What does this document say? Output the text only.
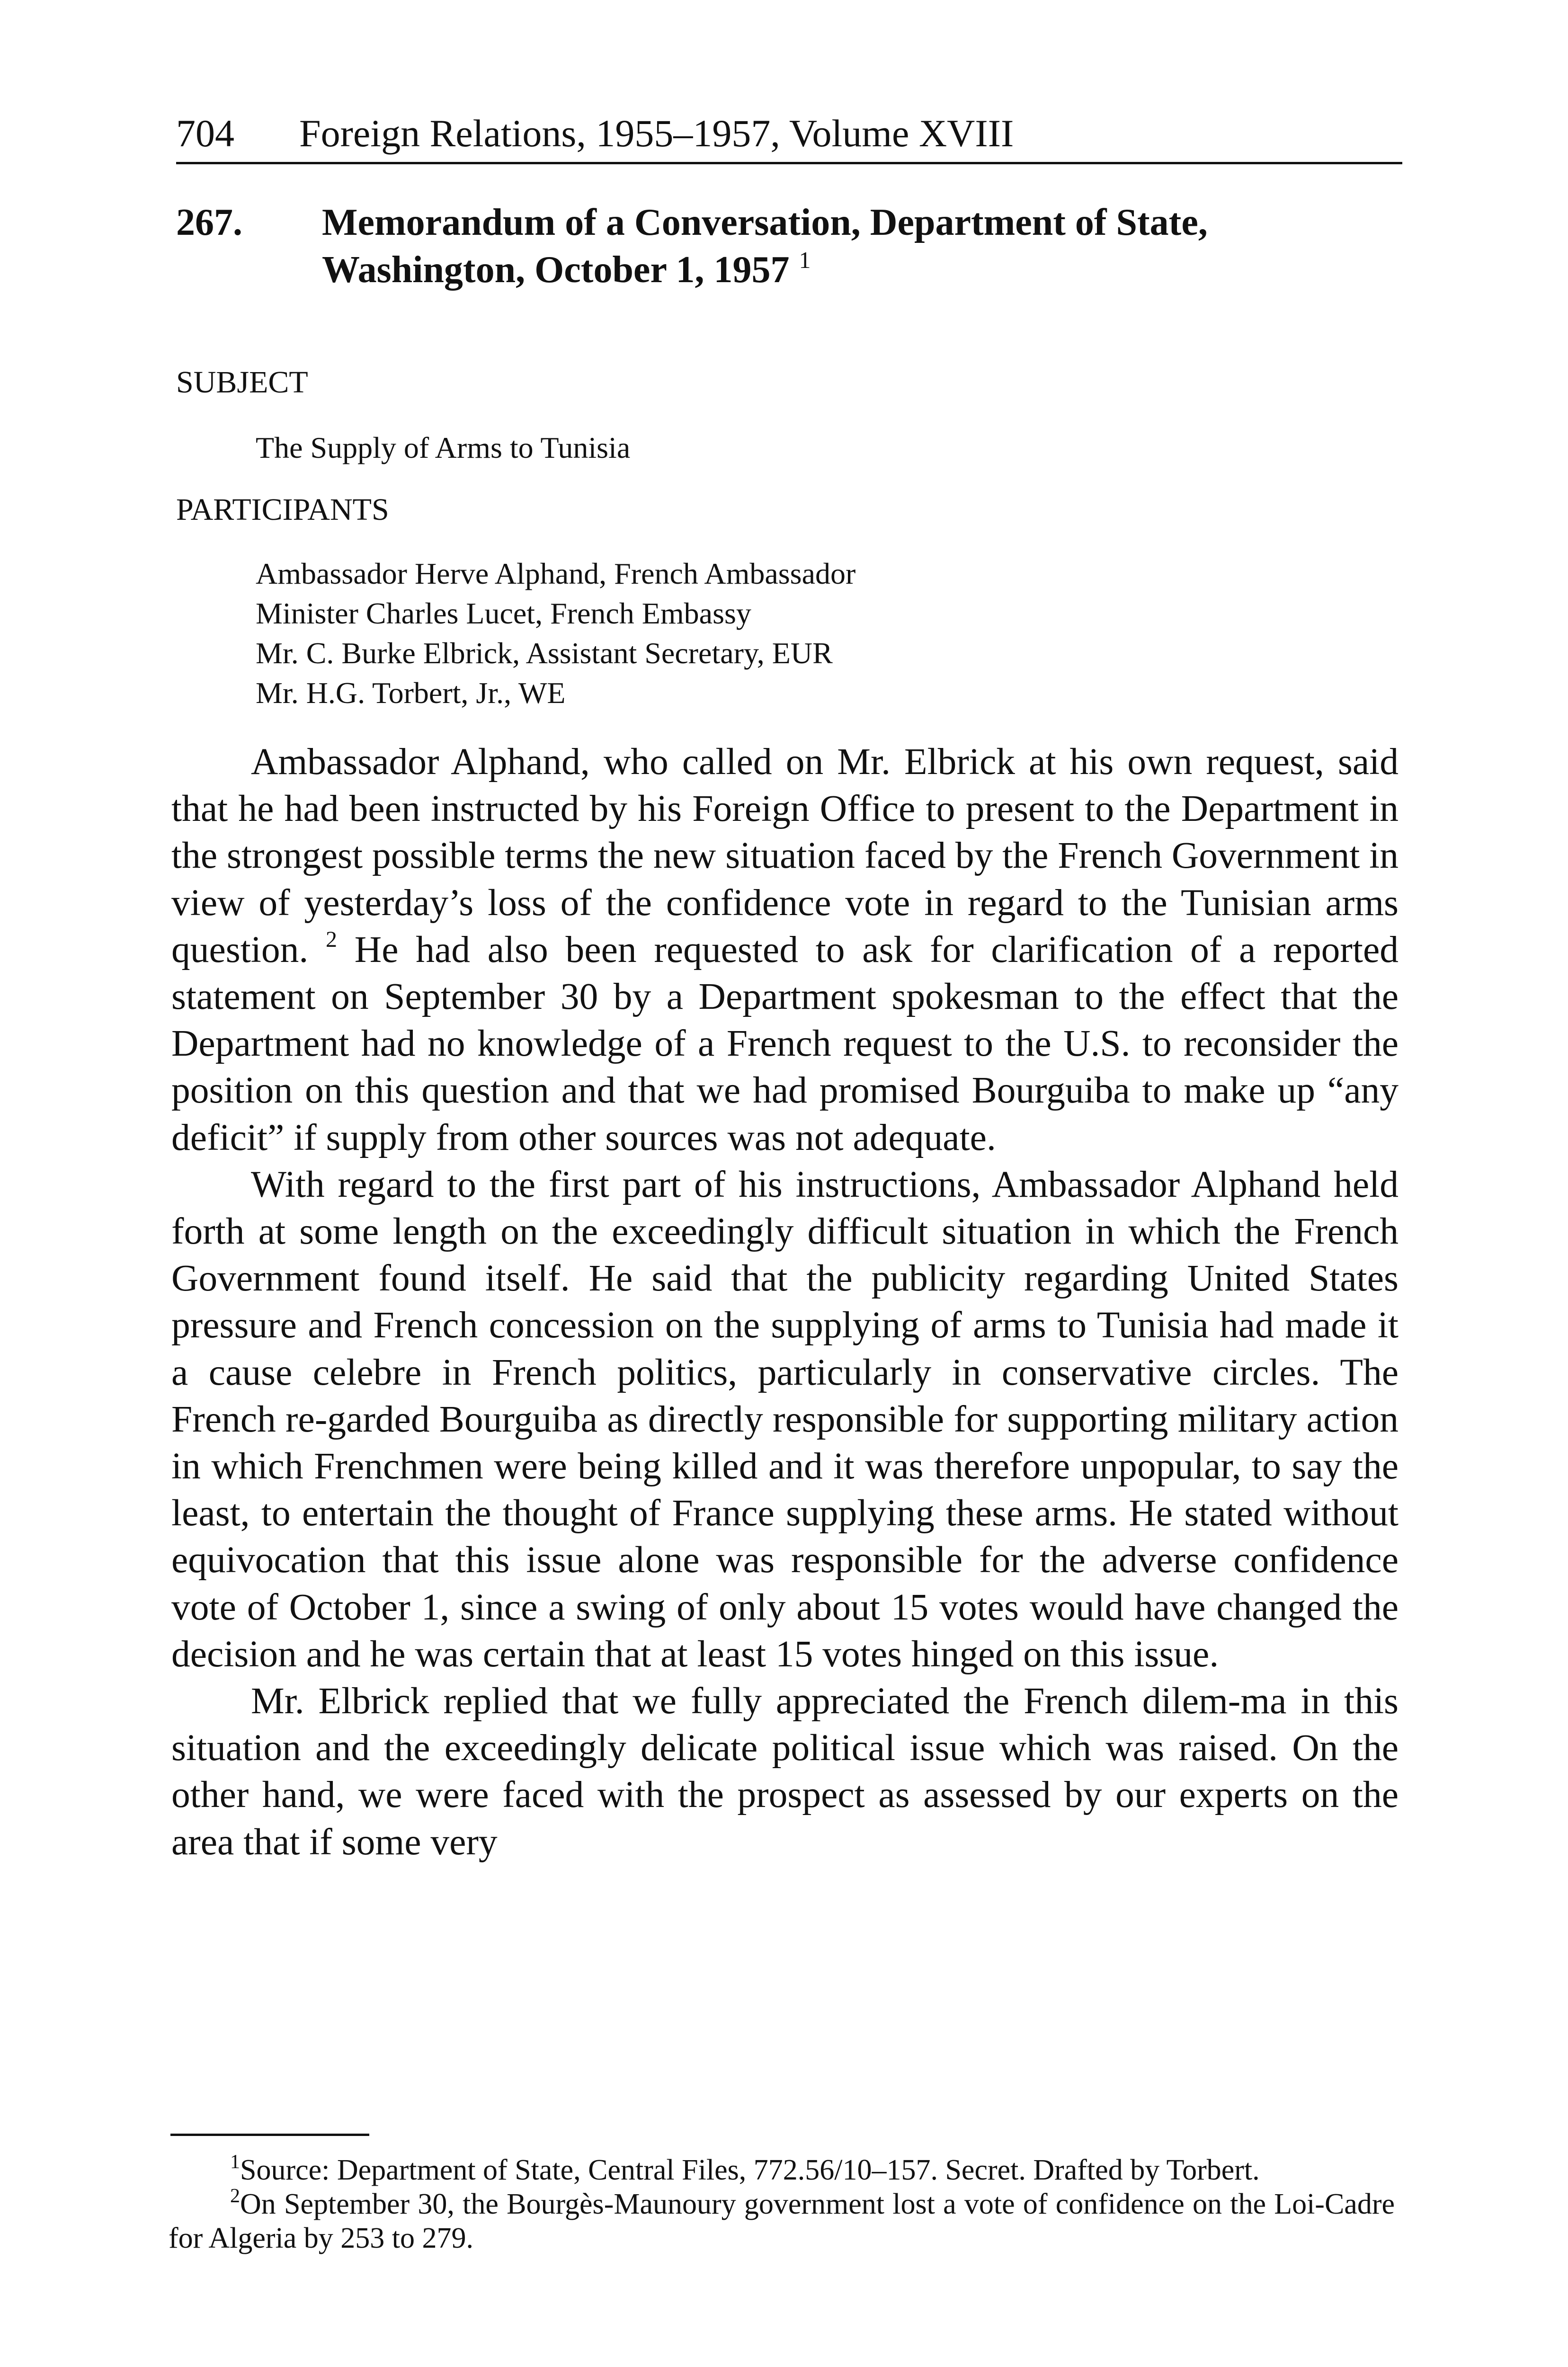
704 Foreign Relations, 1955–1957, Volume XVIII
267. Memorandum of a Conversation, Department of State, Washington, October 1, 1957 $^1$
SUBJECT
The Supply of Arms to Tunisia
PARTICIPANTS
Ambassador Herve Alphand, French Ambassador
Minister Charles Lucet, French Embassy
Mr. C. Burke Elbrick, Assistant Secretary, EUR
Mr. H.G. Torbert, Jr., WE

Ambassador Alphand, who called on Mr. Elbrick at his own request, said that he had been instructed by his Foreign Office to present to the Department in the strongest possible terms the new situation faced by the French Government in view of yesterday’s loss of the confidence vote in regard to the Tunisian arms question. $^2$ He had also been requested to ask for clarification of a reported statement on September 30 by a Department spokesman to the effect that the Department had no knowledge of a French request to the U.S. to reconsider the position on this question and that we had promised Bourguiba to make up “any deficit” if supply from other sources was not adequate.

With regard to the first part of his instructions, Ambassador Alphand held forth at some length on the exceedingly difficult situation in which the French Government found itself. He said that the publicity regarding United States pressure and French concession on the supplying of arms to Tunisia had made it a cause celebre in French politics, particularly in conservative circles. The French re-garded Bourguiba as directly responsible for supporting military action in which Frenchmen were being killed and it was therefore unpopular, to say the least, to entertain the thought of France supplying these arms. He stated without equivocation that this issue alone was responsible for the adverse confidence vote of October 1, since a swing of only about 15 votes would have changed the decision and he was certain that at least 15 votes hinged on this issue.

Mr. Elbrick replied that we fully appreciated the French dilem-ma in this situation and the exceedingly delicate political issue which was raised. On the other hand, we were faced with the prospect as assessed by our experts on the area that if some very

$^1$Source: Department of State, Central Files, 772.56/10–157. Secret. Drafted by Torbert.

$^2$On September 30, the Bourgès-Maunoury government lost a vote of confidence on the Loi-Cadre for Algeria by 253 to 279.
